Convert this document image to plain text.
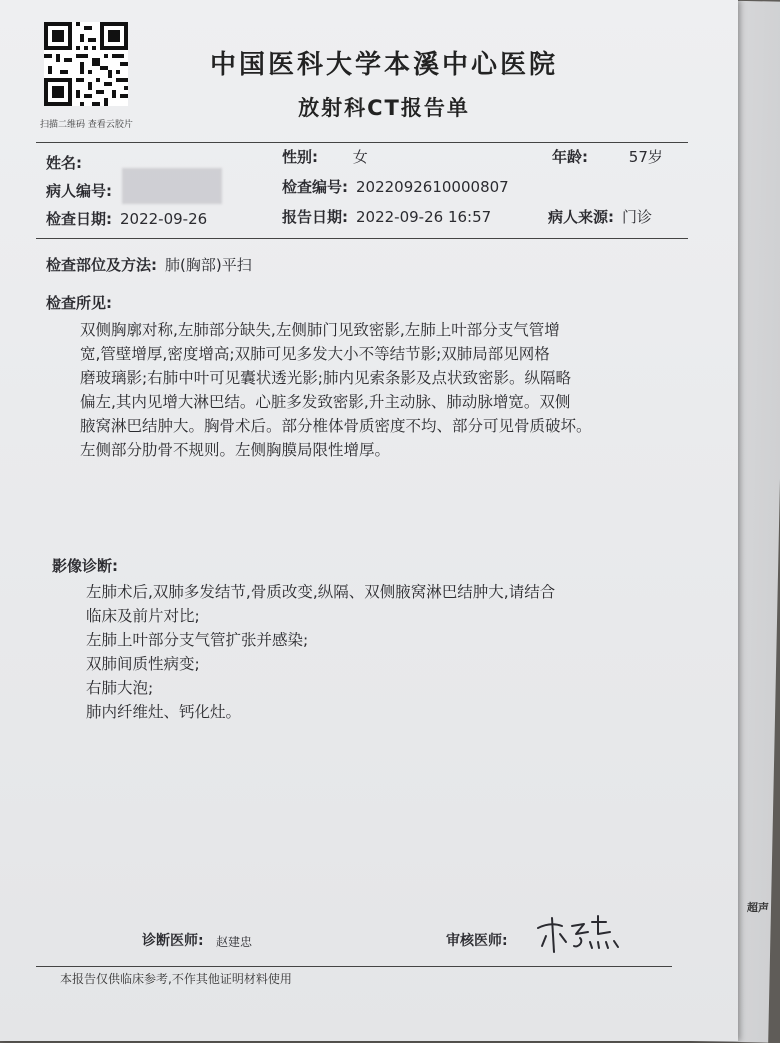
超声
扫描二维码 查看云胶片
中国医科大学本溪中心医院
放射科CT报告单
姓名:	性别: 女	年龄:	57岁
病人编号:	检查编号: 2022092610000807
检查日期: 2022-09-26	报告日期: 2022-09-26 16:57	病人来源: 门诊
检查部位及方法: 肺(胸部)平扫
检查所见:
双侧胸廓对称,左肺部分缺失,左侧肺门见致密影,左肺上叶部分支气管增
宽,管壁增厚,密度增高;双肺可见多发大小不等结节影;双肺局部见网格
磨玻璃影;右肺中叶可见囊状透光影;肺内见索条影及点状致密影。纵隔略
偏左,其内见增大淋巴结。心脏多发致密影,升主动脉、肺动脉增宽。双侧
腋窝淋巴结肿大。胸骨术后。部分椎体骨质密度不均、部分可见骨质破坏。
左侧部分肋骨不规则。左侧胸膜局限性增厚。
影像诊断:
左肺术后,双肺多发结节,骨质改变,纵隔、双侧腋窝淋巴结肿大,请结合
临床及前片对比;
左肺上叶部分支气管扩张并感染;
双肺间质性病变;
右肺大泡;
肺内纤维灶、钙化灶。
诊断医师: 赵建忠	审核医师:
本报告仅供临床参考,不作其他证明材料使用
